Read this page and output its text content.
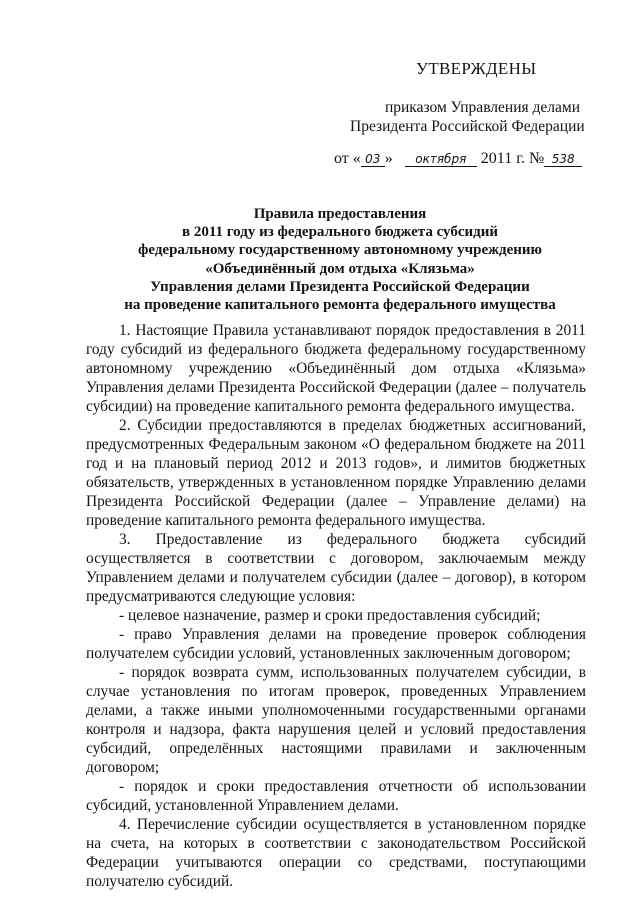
УТВЕРЖДЕНЫ
приказом Управления делами
Президента Российской Федерации
от « 03 » октября 2011 г. № 538
Правила предоставления
в 2011 году из федерального бюджета субсидий
федеральному государственному автономному учреждению
«Объединённый дом отдыха «Клязьма»
Управления делами Президента Российской Федерации
на проведение капитального ремонта федерального имущества

1. Настоящие Правила устанавливают порядок предоставления в 2011 году субсидий из федерального бюджета федеральному государственному автономному учреждению «Объединённый дом отдыха «Клязьма» Управления делами Президента Российской Федерации (далее – получатель субсидии) на проведение капитального ремонта федерального имущества.

2. Субсидии предоставляются в пределах бюджетных ассигнований, предусмотренных Федеральным законом «О федеральном бюджете на 2011 год и на плановый период 2012 и 2013 годов», и лимитов бюджетных обязательств, утвержденных в установленном порядке Управлению делами Президента Российской Федерации (далее – Управление делами) на проведение капитального ремонта федерального имущества.

3. Предоставление из федерального бюджета субсидий осуществляется в соответствии с договором, заключаемым между Управлением делами и получателем субсидии (далее – договор), в котором предусматриваются следующие условия:

- целевое назначение, размер и сроки предоставления субсидий;

- право Управления делами на проведение проверок соблюдения получателем субсидии условий, установленных заключенным договором;

- порядок возврата сумм, использованных получателем субсидии, в случае установления по итогам проверок, проведенных Управлением делами, а также иными уполномоченными государственными органами контроля и надзора, факта нарушения целей и условий предоставления субсидий, определённых настоящими правилами и заключенным договором;

- порядок и сроки предоставления отчетности об использовании субсидий, установленной Управлением делами.

4. Перечисление субсидии осуществляется в установленном порядке на счета, на которых в соответствии с законодательством Российской Федерации учитываются операции со средствами, поступающими получателю субсидий.
